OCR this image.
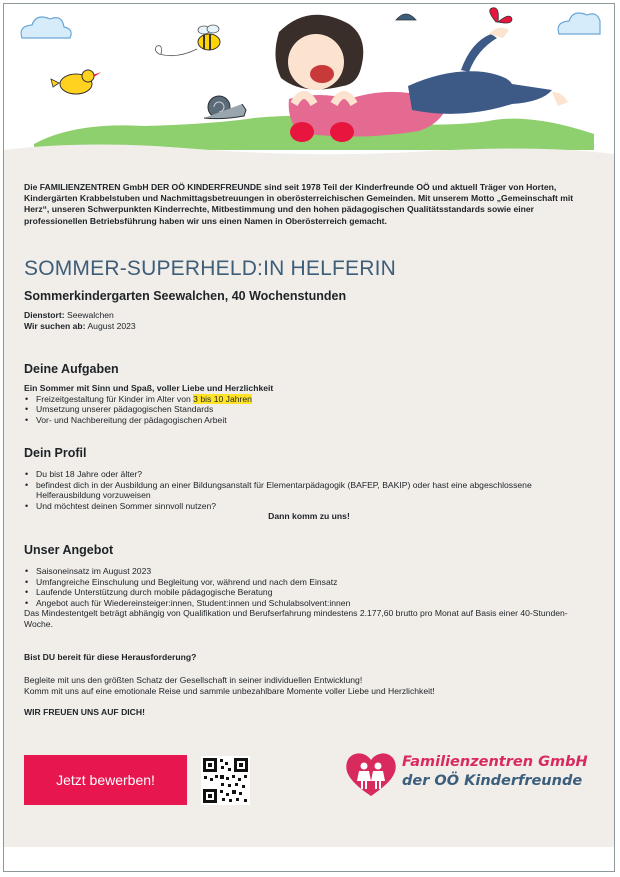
Die FAMILIENZENTREN GmbH DER OÖ KINDERFREUNDE sind seit 1978 Teil der Kinderfreunde OÖ und aktuell Träger von Horten, Kindergärten Krabbelstuben und Nachmittagsbetreuungen in oberösterreichischen Gemeinden. Mit unserem Motto „Gemeinschaft mit Herz“, unseren Schwerpunkten Kinderrechte, Mitbestimmung und den hohen pädagogischen Qualitätsstandards sowie einer professionellen Betriebsführung haben wir uns einen Namen in Oberösterreich gemacht.
SOMMER-SUPERHELD:IN HELFERIN
Sommerkindergarten Seewalchen, 40 Wochenstunden
Dienstort: Seewalchen
Wir suchen ab: August 2023
Deine Aufgaben
Ein Sommer mit Sinn und Spaß, voller Liebe und Herzlichkeit
• Freizeitgestaltung für Kinder im Alter von 3 bis 10 Jahren
• Umsetzung unserer pädagogischen Standards
• Vor- und Nachbereitung der pädagogischen Arbeit
Dein Profil
• Du bist 18 Jahre oder älter?
• befindest dich in der Ausbildung an einer Bildungsanstalt für Elementarpädagogik (BAFEP, BAKIP) oder hast eine abgeschlossene Helferausbildung vorzuweisen
• Und möchtest deinen Sommer sinnvoll nutzen?
Dann komm zu uns!
Unser Angebot
• Saisoneinsatz im August 2023
• Umfangreiche Einschulung und Begleitung vor, während und nach dem Einsatz
• Laufende Unterstützung durch mobile pädagogische Beratung
• Angebot auch für Wiedereinsteiger:innen, Student:innen und Schulabsolvent:innen
Das Mindestentgelt beträgt abhängig von Qualifikation und Berufserfahrung mindestens 2.177,60 brutto pro Monat auf Basis einer 40-Stunden-Woche.
Bist DU bereit für diese Herausforderung?
Begleite mit uns den größten Schatz der Gesellschaft in seiner individuellen Entwicklung!
Komm mit uns auf eine emotionale Reise und sammle unbezahlbare Momente voller Liebe und Herzlichkeit!
WIR FREUEN UNS AUF DICH!
Jetzt bewerben!
Familienzentren GmbH
der OÖ Kinderfreunde
